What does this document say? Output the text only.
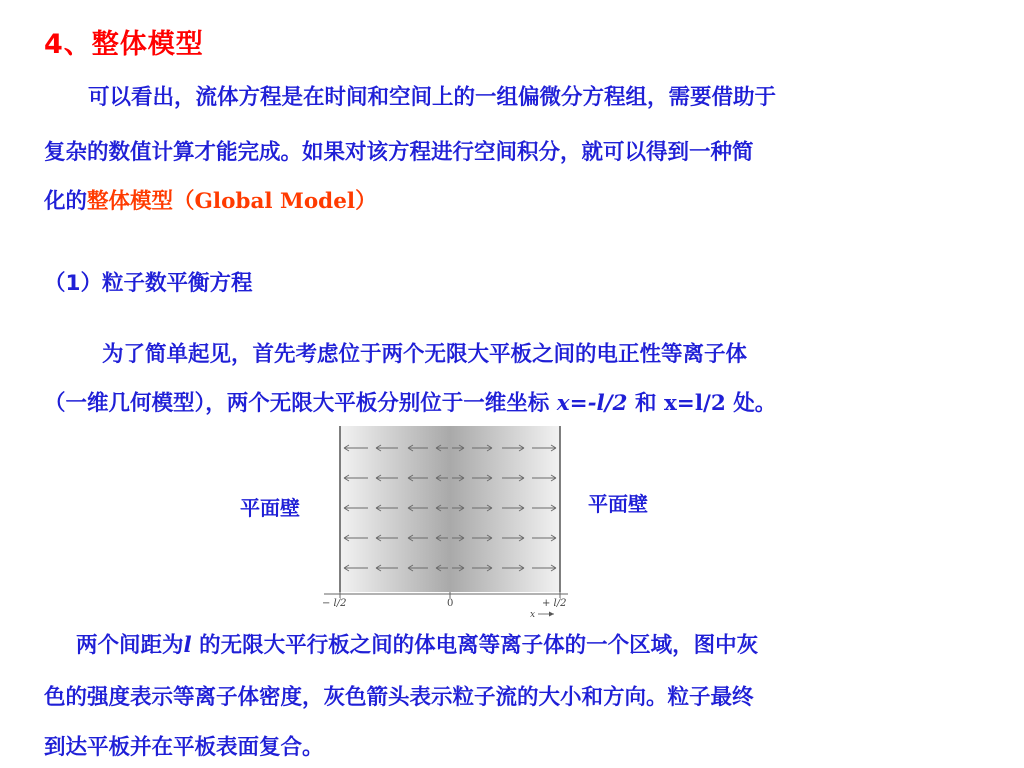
4、整体模型
可以看出，流体方程是在时间和空间上的一组偏微分方程组，需要借助于
复杂的数值计算才能完成。如果对该方程进行空间积分，就可以得到一种简
化的整体模型（Global Model）
（1）粒子数平衡方程
为了简单起见，首先考虑位于两个无限大平板之间的电正性等离子体
（一维几何模型），两个无限大平板分别位于一维坐标 x=-l/2 和 x=l/2 处。
− l/2	0	+ l/2
x
平面壁	平面壁
两个间距为l 的无限大平行板之间的体电离等离子体的一个区域，图中灰
色的强度表示等离子体密度，灰色箭头表示粒子流的大小和方向。粒子最终
到达平板并在平板表面复合。
